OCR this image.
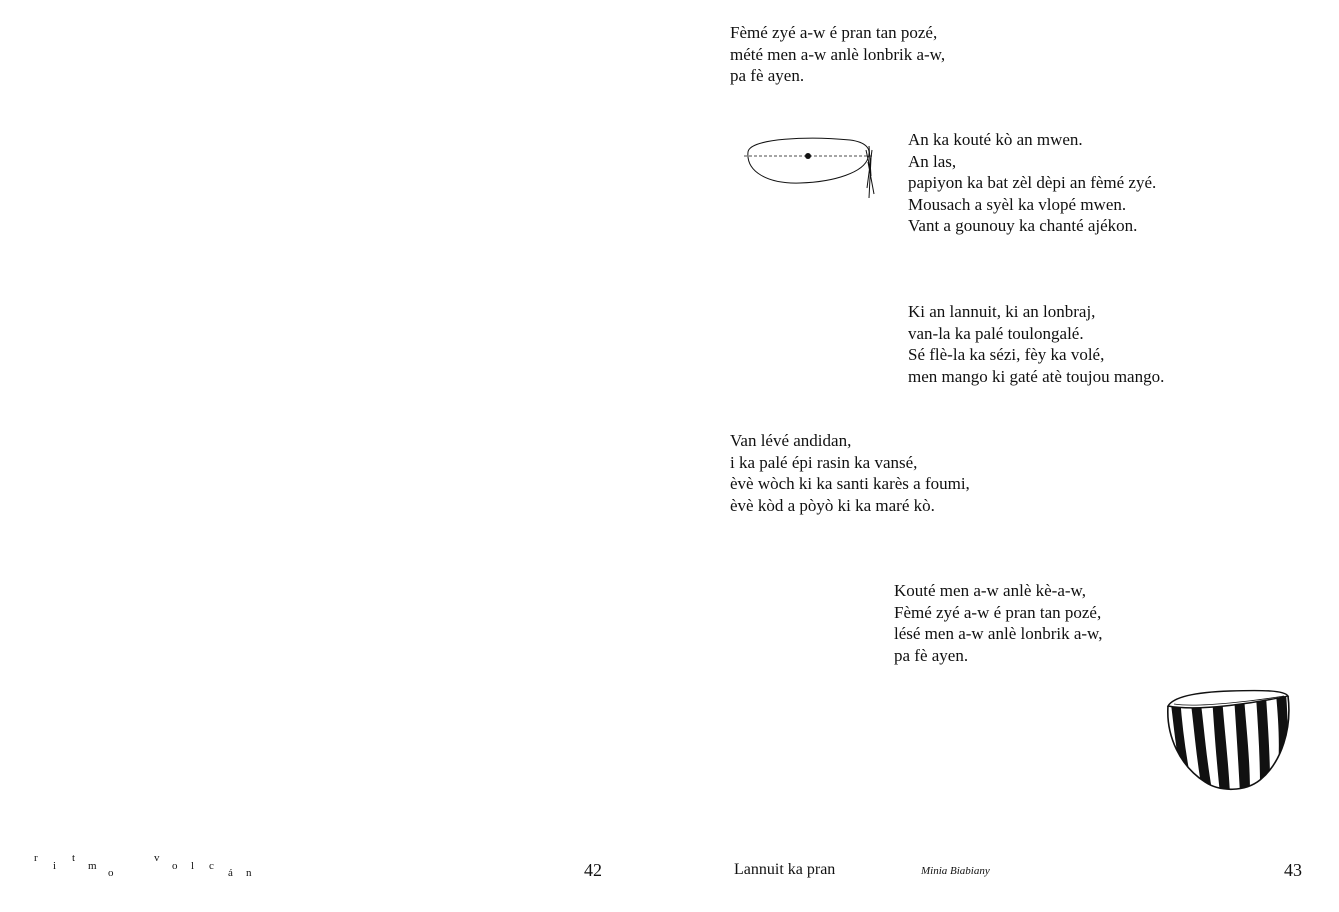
Fèmé zyé a-w é pran tan pozé,
mété men a-w anlè lonbrik a-w,
pa fè ayen.
An ka kouté kò an mwen.
An las,
papiyon ka bat zèl dèpi an fèmé zyé.
Mousach a syèl ka vlopé mwen.
Vant a gounouy ka chanté ajékon.
Ki an lannuit, ki an lonbraj,
van-la ka palé toulongalé.
Sé flè-la ka sézi, fèy ka volé,
men mango ki gaté atè toujou mango.
Van lévé andidan,
i ka palé épi rasin ka vansé,
èvè wòch ki ka santi karès a foumi,
èvè kòd a pòyò ki ka maré kò.
Kouté men a-w anlè kè-a-w,
Fèmé zyé a-w é pran tan pozé,
lésé men a-w anlè lonbrik a-w,
pa fè ayen.
r
i
t
m
o
v
o l c
á n	42	Lannuit ka pran	Minia Biabiany	43
